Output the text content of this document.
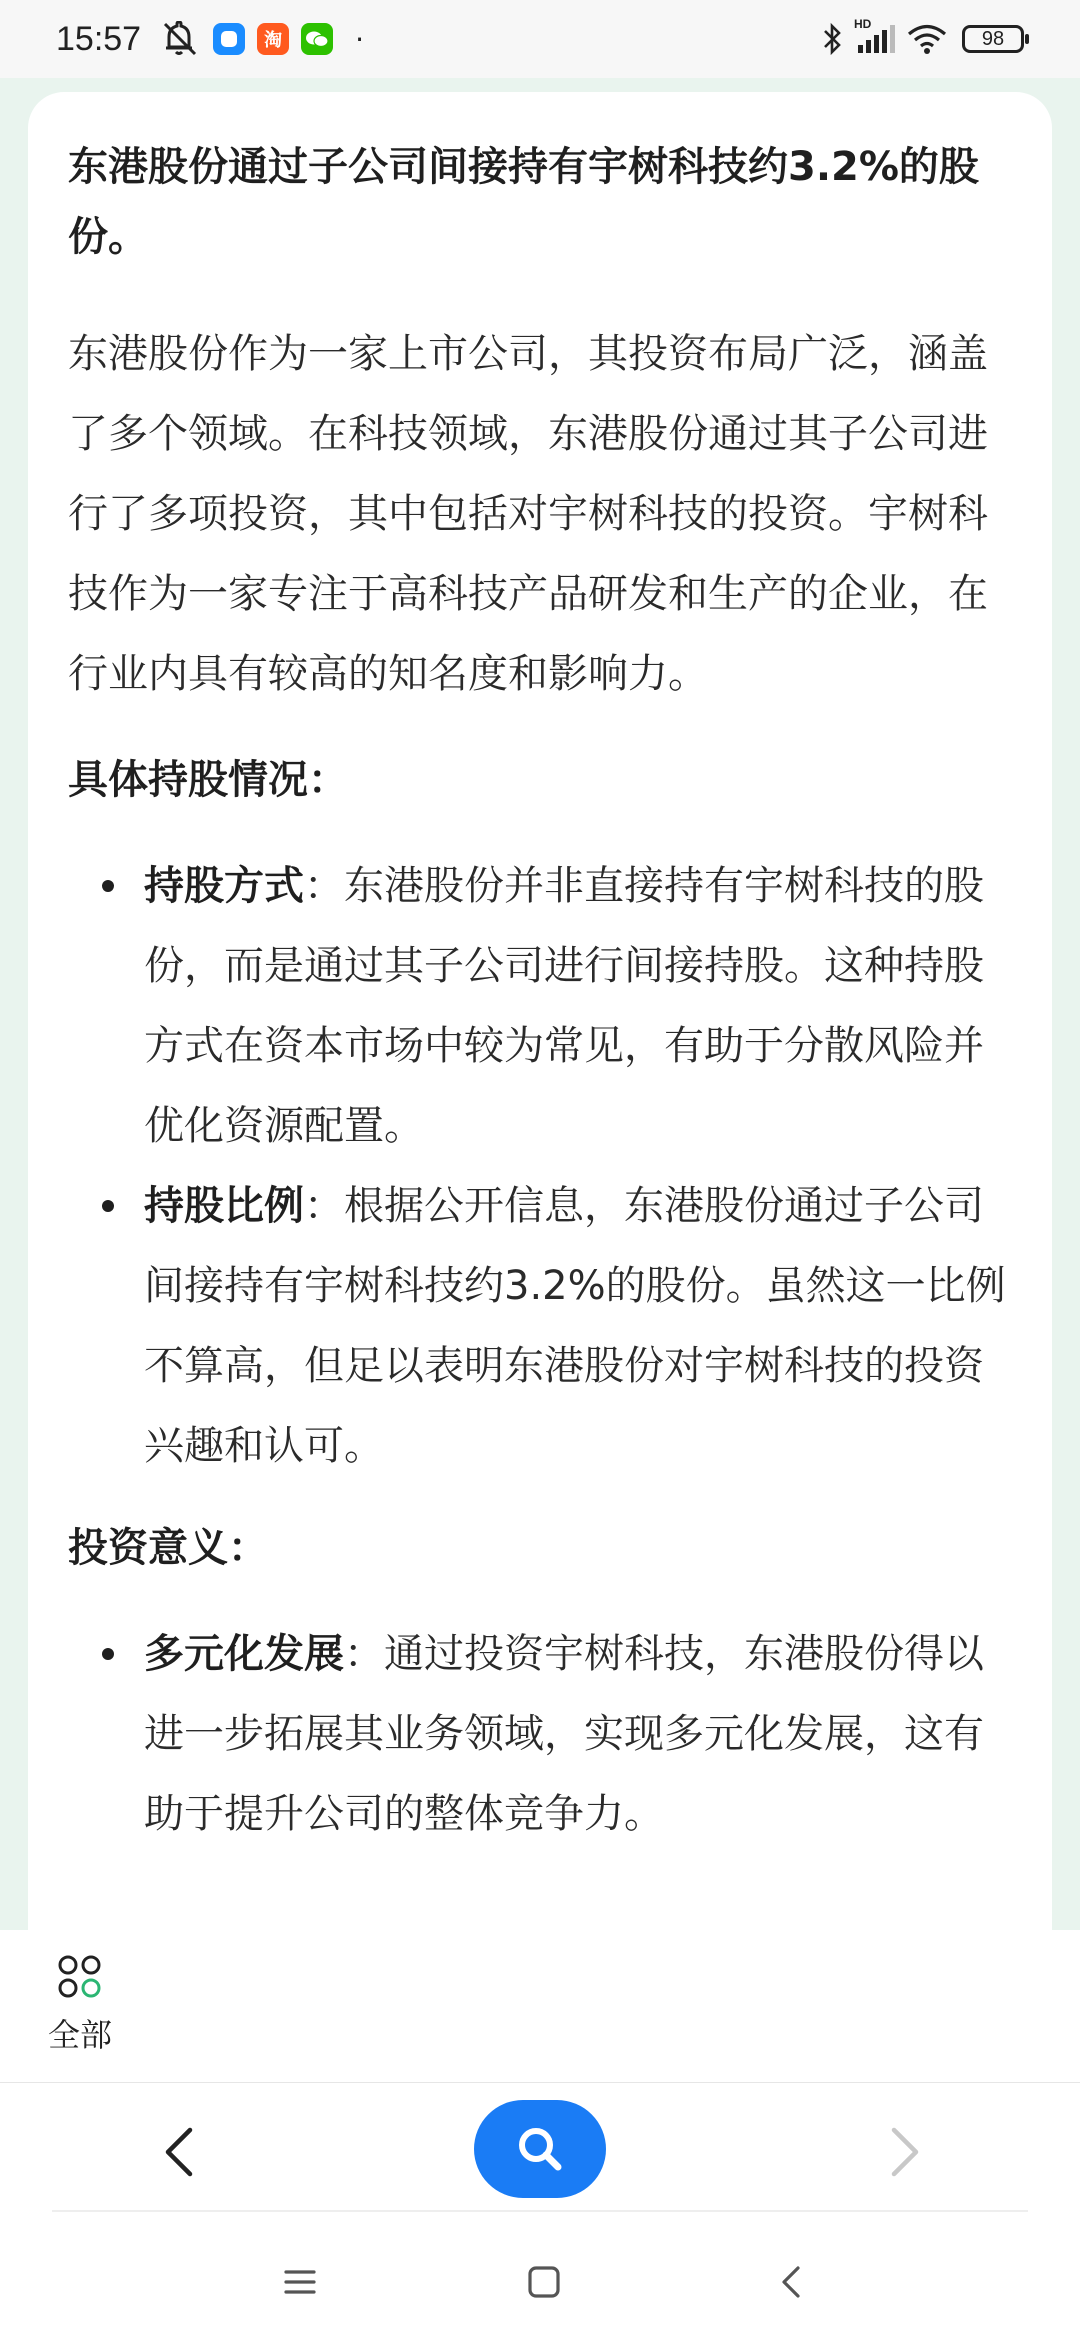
15:57	淘	·	HD
98

东港股份通过子公司间接持有宇树科技约3.2%的股份。

东港股份作为一家上市公司，其投资布局广泛，涵盖了多个领域。在科技领域，东港股份通过其子公司进行了多项投资，其中包括对宇树科技的投资。宇树科技作为一家专注于高科技产品研发和生产的企业，在行业内具有较高的知名度和影响力。

具体持股情况：
持股方式：东港股份并非直接持有宇树科技的股份，而是通过其子公司进行间接持股。这种持股方式在资本市场中较为常见，有助于分散风险并优化资源配置。
持股比例：根据公开信息，东港股份通过子公司间接持有宇树科技约3.2%的股份。虽然这一比例不算高，但足以表明东港股份对宇树科技的投资兴趣和认可。
投资意义：
多元化发展：通过投资宇树科技，东港股份得以进一步拓展其业务领域，实现多元化发展，这有助于提升公司的整体竞争力。
全部
